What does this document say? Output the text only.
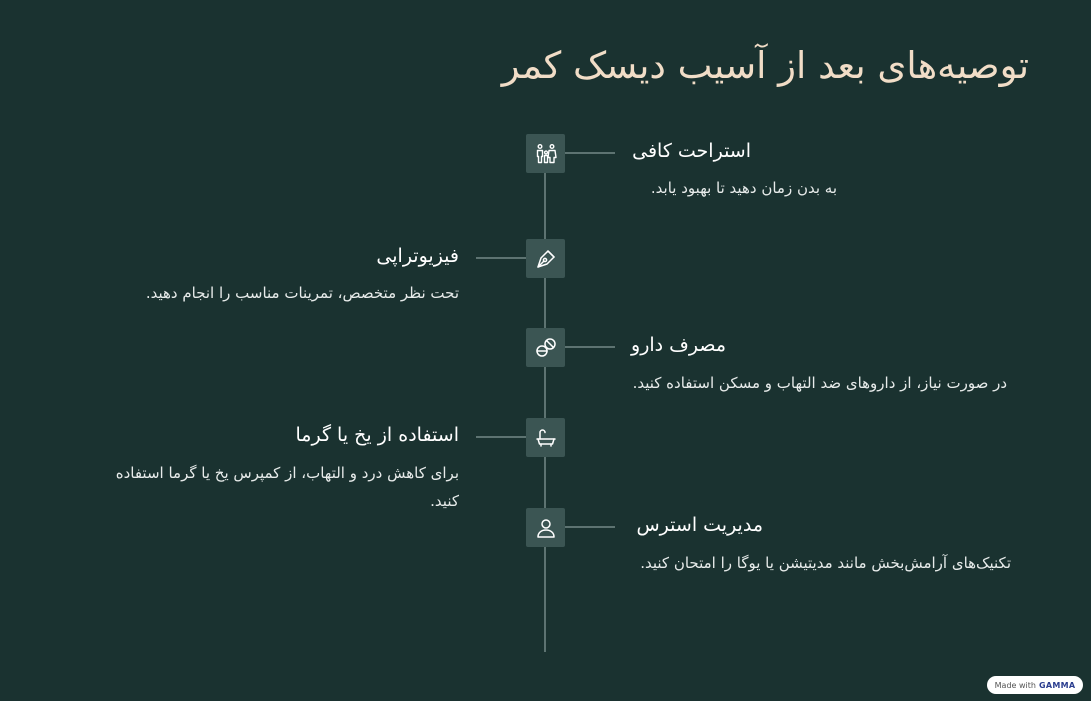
توصیه‌های بعد از آسیب دیسک کمر
استراحت کافی

به بدن زمان دهید تا بهبود یابد.

فیزیوتراپی

تحت نظر متخصص، تمرینات مناسب را انجام دهید.

مصرف دارو

در صورت نیاز، از داروهای ضد التهاب و مسکن استفاده کنید.

استفاده از یخ یا گرما

برای کاهش درد و التهاب، از کمپرس یخ یا گرما استفاده کنید.

مدیریت استرس

تکنیک‌های آرامش‌بخش مانند مدیتیشن یا یوگا را امتحان کنید.

Made with GAMMA
